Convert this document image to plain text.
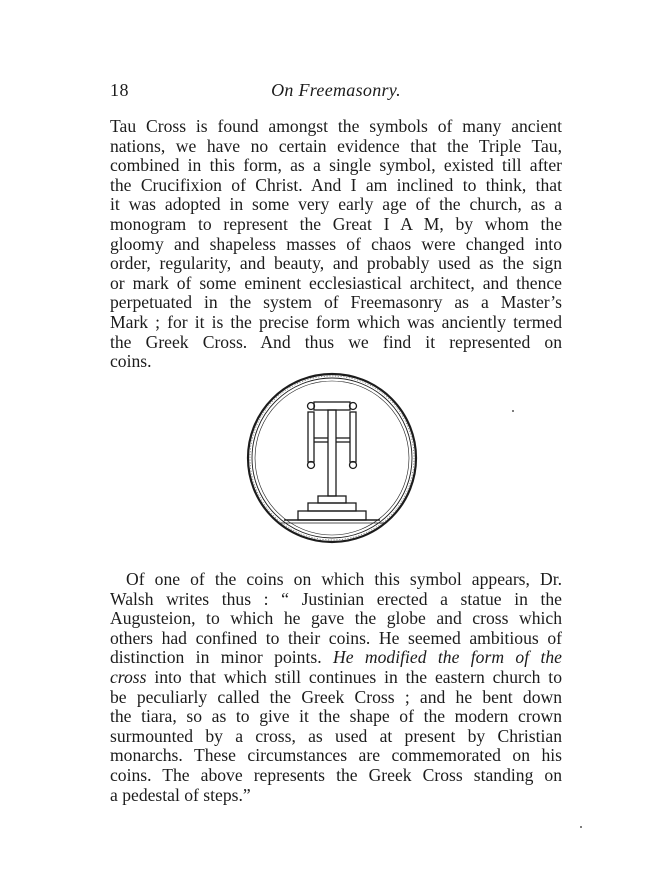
18	On Freemasonry.

Tau Cross is found amongst the symbols of many ancient
nations, we have no certain evidence that the Triple Tau,
combined in this form, as a single symbol, existed till after
the Crucifixion of Christ. And I am inclined to think, that
it was adopted in some very early age of the church, as a
monogram to represent the Great I A M, by whom the
gloomy and shapeless masses of chaos were changed into
order, regularity, and beauty, and probably used as the sign
or mark of some eminent ecclesiastical architect, and thence
perpetuated in the system of Freemasonry as a Master’s
Mark ; for it is the precise form which was anciently termed
the Greek Cross. And thus we find it represented on
coins.

Of one of the coins on which this symbol appears, Dr.
Walsh writes thus : “ Justinian erected a statue in the
Augusteion, to which he gave the globe and cross which
others had confined to their coins. He seemed ambitious of
distinction in minor points. He modified the form of the
cross into that which still continues in the eastern church to
be peculiarly called the Greek Cross ; and he bent down
the tiara, so as to give it the shape of the modern crown
surmounted by a cross, as used at present by Christian
monarchs. These circumstances are commemorated on his
coins. The above represents the Greek Cross standing on
a pedestal of steps.”
